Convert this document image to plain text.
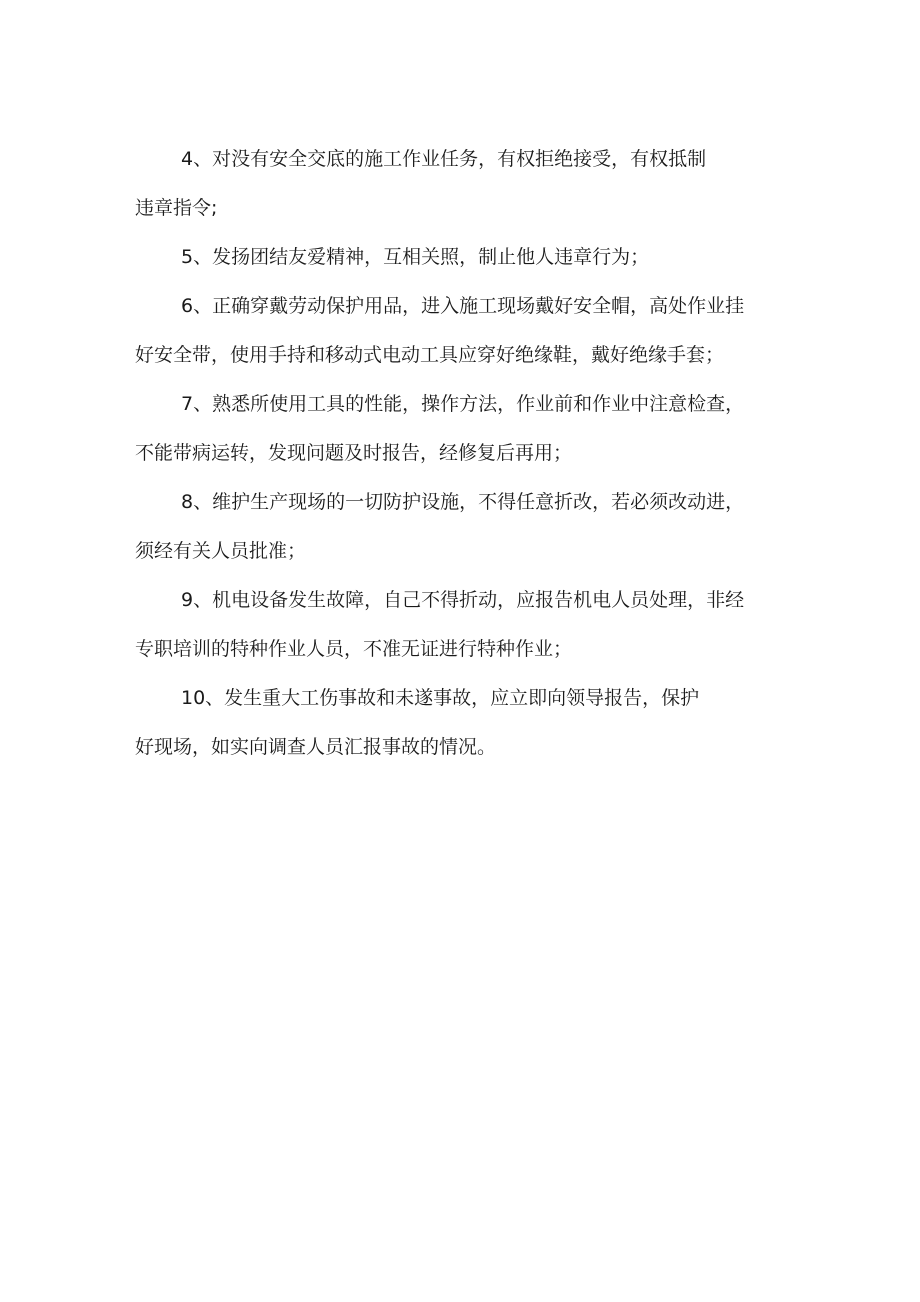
4、对没有安全交底的施工作业任务，有权拒绝接受，有权抵制
违章指令;
5、发扬团结友爱精神，互相关照，制止他人违章行为；
6、正确穿戴劳动保护用品，进入施工现场戴好安全帽，高处作业挂
好安全带，使用手持和移动式电动工具应穿好绝缘鞋，戴好绝缘手套；
7、熟悉所使用工具的性能，操作方法，作业前和作业中注意检查，
不能带病运转，发现问题及时报告，经修复后再用；
8、维护生产现场的一切防护设施，不得任意折改，若必须改动进，
须经有关人员批准；
9、机电设备发生故障，自己不得折动，应报告机电人员处理，非经
专职培训的特种作业人员，不准无证进行特种作业；
10、发生重大工伤事故和未遂事故，应立即向领导报告，保护
好现场，如实向调查人员汇报事故的情况。
